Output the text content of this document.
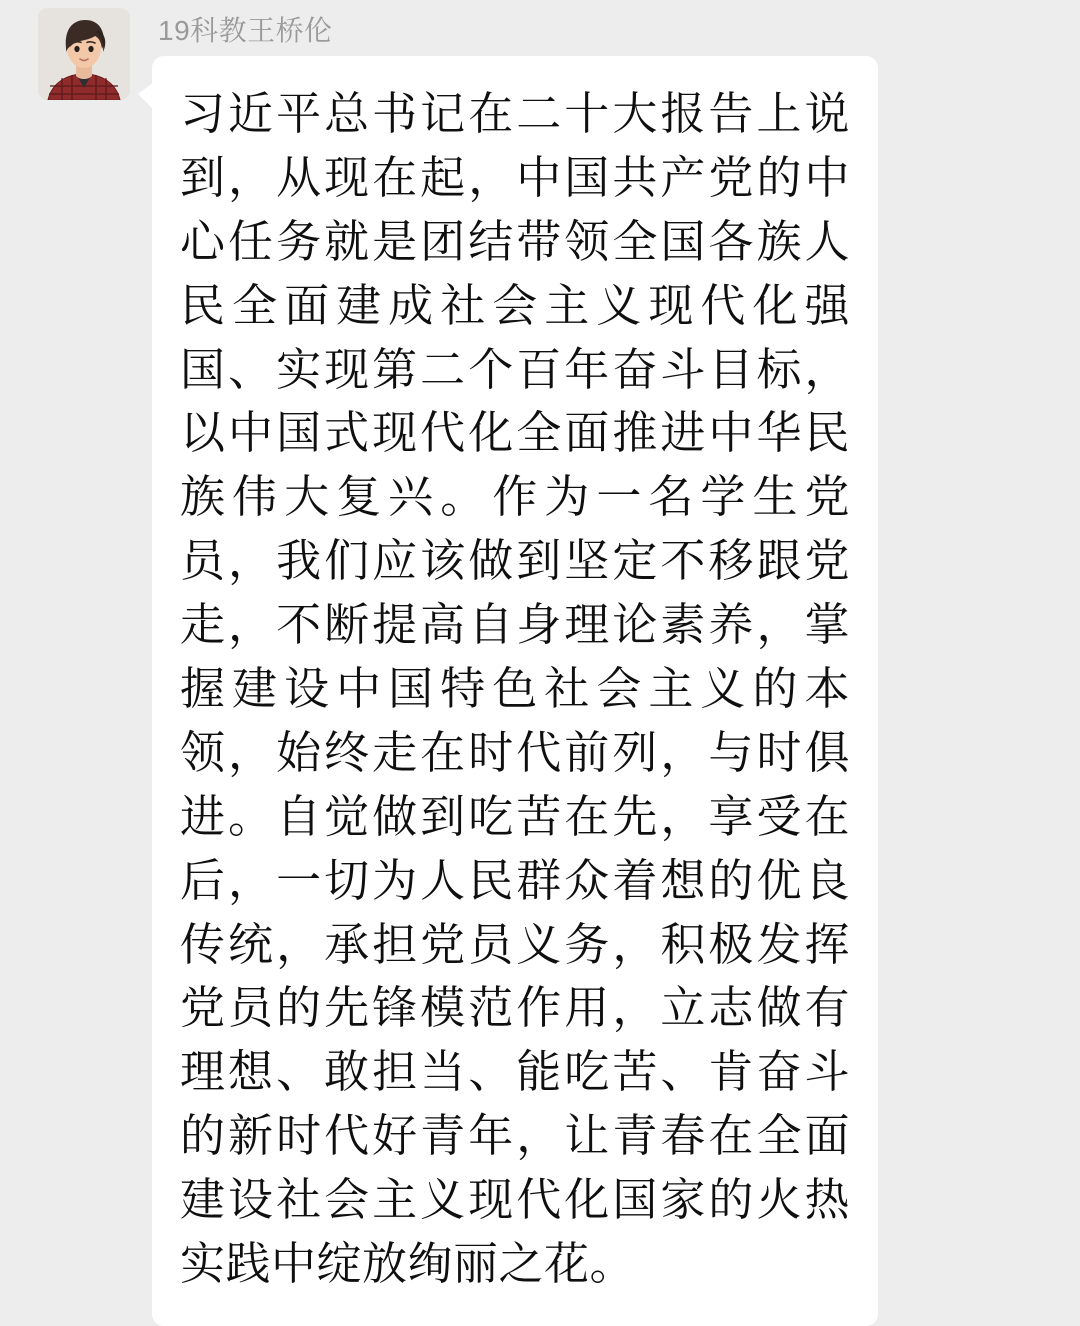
19科教王桥伦
习近平总书记在二十大报告上说到，从现在起，中国共产党的中心任务就是团结带领全国各族人民全面建成社会主义现代化强国、实现第二个百年奋斗目标，以中国式现代化全面推进中华民族伟大复兴。作为一名学生党员，我们应该做到坚定不移跟党走，不断提高自身理论素养，掌握建设中国特色社会主义的本领，始终走在时代前列，与时俱进。自觉做到吃苦在先，享受在后，一切为人民群众着想的优良传统，承担党员义务，积极发挥党员的先锋模范作用，立志做有理想、敢担当、能吃苦、肯奋斗的新时代好青年，让青春在全面建设社会主义现代化国家的火热实践中绽放绚丽之花。
